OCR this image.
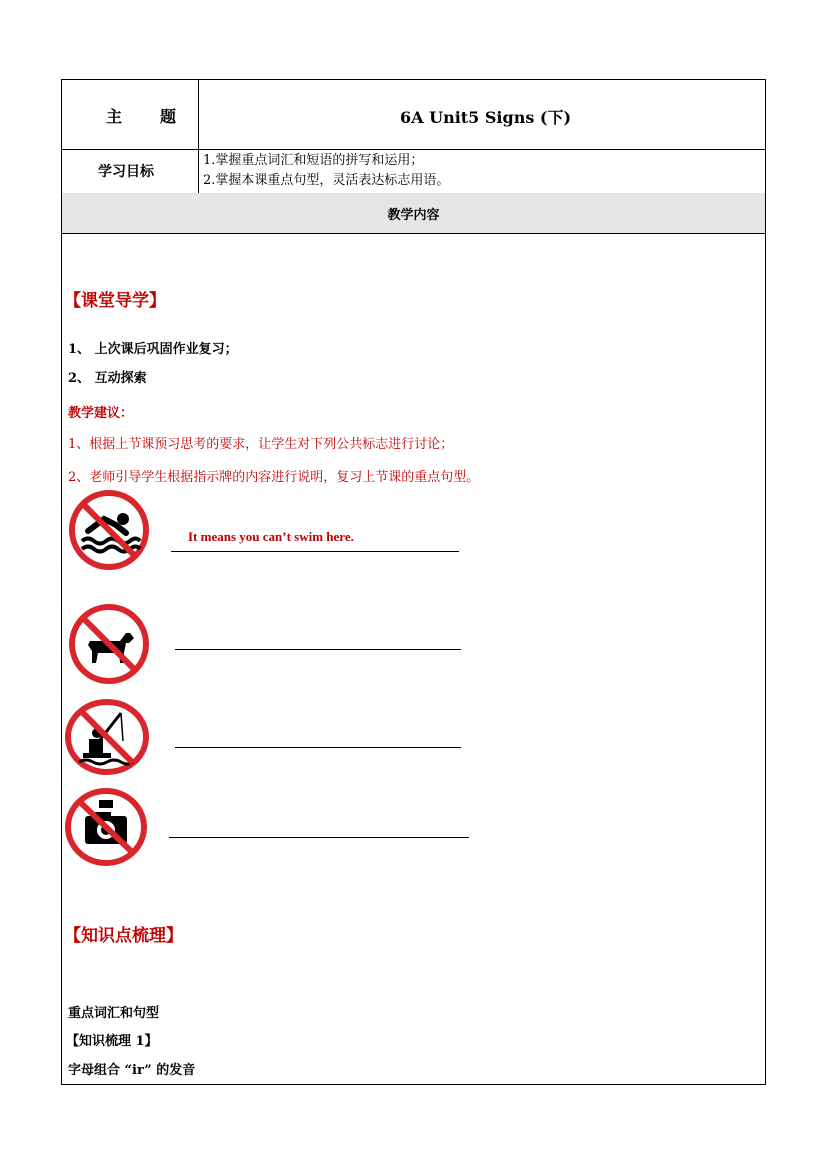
主　　题	6A Unit5 Signs (下)
学习目标
1.掌握重点词汇和短语的拼写和运用；
2.掌握本课重点句型，灵活表达标志用语。
教学内容
【课堂导学】
1、 上次课后巩固作业复习；
2、 互动探索
教学建议：
1、根据上节课预习思考的要求，让学生对下列公共标志进行讨论；
2、老师引导学生根据指示牌的内容进行说明，复习上节课的重点句型。
It means you can’t swim here.
【知识点梳理】
重点词汇和句型
【知识梳理 1】
字母组合 “ir” 的发音
